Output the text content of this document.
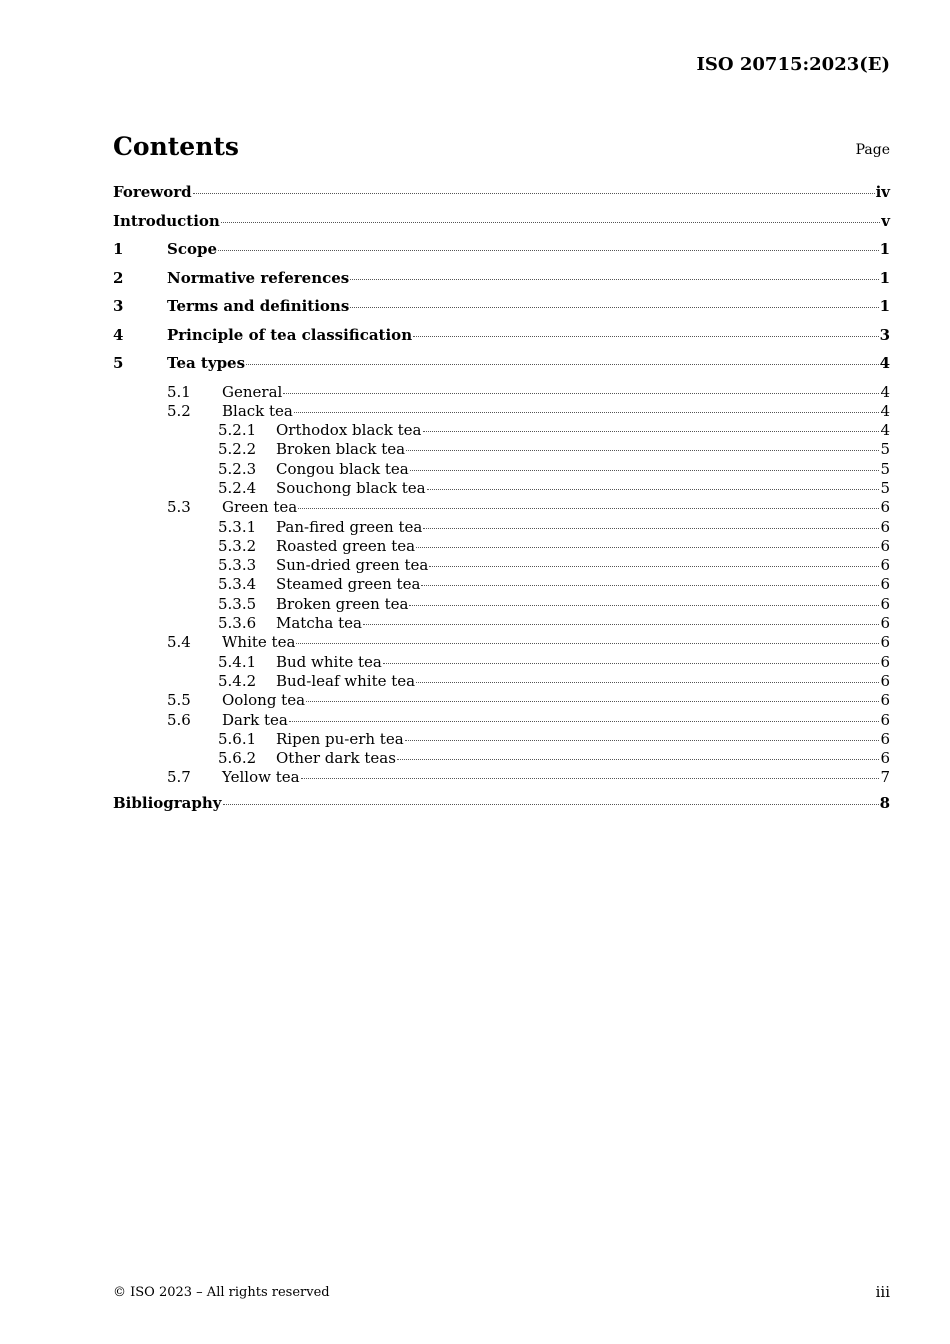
ISO 20715:2023(E)
Contents	Page
Foreword	iv
Introduction	v
1	Scope	1
2	Normative references	1
3	Terms and definitions	1
4	Principle of tea classification	3
5	Tea types	4
5.1	General	4
5.2	Black tea	4
5.2.1	Orthodox black tea	4
5.2.2	Broken black tea	5
5.2.3	Congou black tea	5
5.2.4	Souchong black tea	5
5.3	Green tea	6
5.3.1	Pan-fired green tea	6
5.3.2	Roasted green tea	6
5.3.3	Sun-dried green tea	6
5.3.4	Steamed green tea	6
5.3.5	Broken green tea	6
5.3.6	Matcha tea	6
5.4	White tea	6
5.4.1	Bud white tea	6
5.4.2	Bud-leaf white tea	6
5.5	Oolong tea	6
5.6	Dark tea	6
5.6.1	Ripen pu-erh tea	6
5.6.2	Other dark teas	6
5.7	Yellow tea	7
Bibliography	8
© ISO 2023 – All rights reserved	iii
